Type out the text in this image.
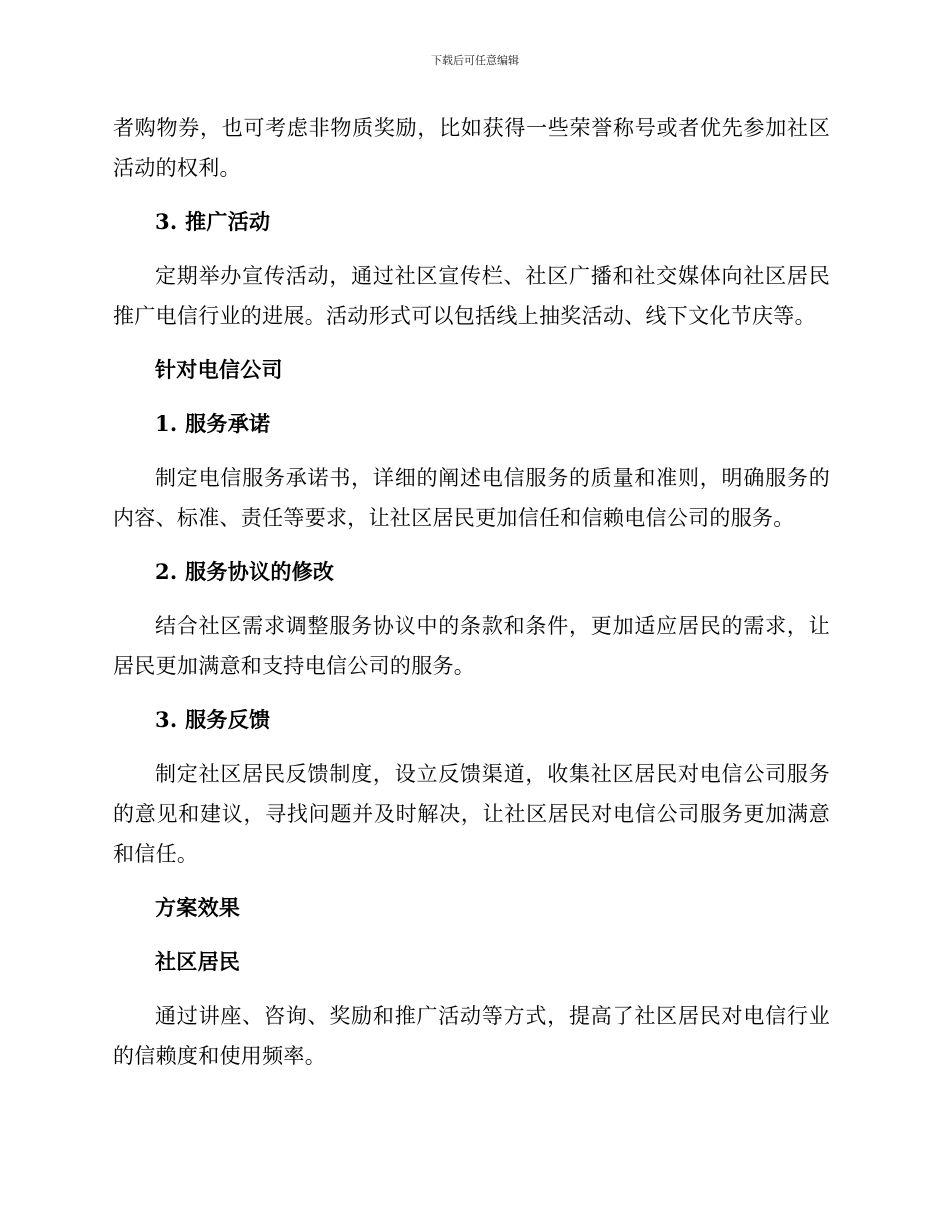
下载后可任意编辑

者购物券，也可考虑非物质奖励，比如获得一些荣誉称号或者优先参加社区活动的权利。

3. 推广活动

定期举办宣传活动，通过社区宣传栏、社区广播和社交媒体向社区居民推广电信行业的进展。活动形式可以包括线上抽奖活动、线下文化节庆等。

针对电信公司

1. 服务承诺

制定电信服务承诺书，详细的阐述电信服务的质量和准则，明确服务的内容、标准、责任等要求，让社区居民更加信任和信赖电信公司的服务。

2. 服务协议的修改

结合社区需求调整服务协议中的条款和条件，更加适应居民的需求，让居民更加满意和支持电信公司的服务。

3. 服务反馈

制定社区居民反馈制度，设立反馈渠道，收集社区居民对电信公司服务的意见和建议，寻找问题并及时解决，让社区居民对电信公司服务更加满意和信任。

方案效果

社区居民

通过讲座、咨询、奖励和推广活动等方式，提高了社区居民对电信行业的信赖度和使用频率。
